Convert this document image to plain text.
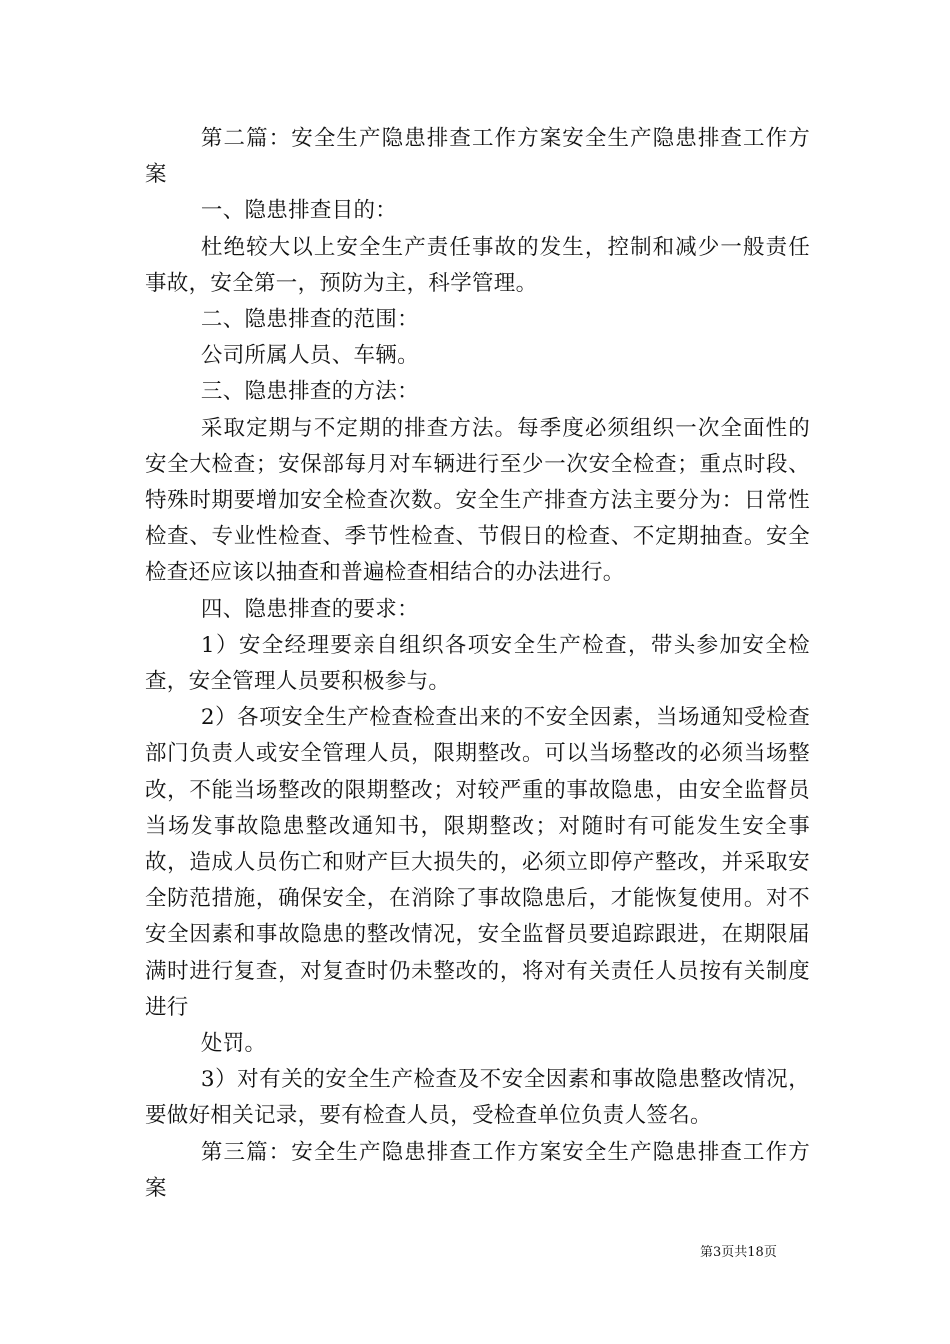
第二篇：安全生产隐患排查工作方案安全生产隐患排查工作方案

一、隐患排查目的：

杜绝较大以上安全生产责任事故的发生，控制和减少一般责任事故，安全第一，预防为主，科学管理。

二、隐患排查的范围：

公司所属人员、车辆。

三、隐患排查的方法：

采取定期与不定期的排查方法。每季度必须组织一次全面性的安全大检查；安保部每月对车辆进行至少一次安全检查；重点时段、特殊时期要增加安全检查次数。安全生产排查方法主要分为：日常性检查、专业性检查、季节性检查、节假日的检查、不定期抽查。安全检查还应该以抽查和普遍检查相结合的办法进行。

四、隐患排查的要求：

1）安全经理要亲自组织各项安全生产检查，带头参加安全检查，安全管理人员要积极参与。

2）各项安全生产检查检查出来的不安全因素，当场通知受检查部门负责人或安全管理人员，限期整改。可以当场整改的必须当场整改，不能当场整改的限期整改；对较严重的事故隐患，由安全监督员当场发事故隐患整改通知书，限期整改；对随时有可能发生安全事故，造成人员伤亡和财产巨大损失的，必须立即停产整改，并采取安全防范措施，确保安全，在消除了事故隐患后，才能恢复使用。对不安全因素和事故隐患的整改情况，安全监督员要追踪跟进，在期限届满时进行复查，对复查时仍未整改的，将对有关责任人员按有关制度进行

处罚。

3）对有关的安全生产检查及不安全因素和事故隐患整改情况，要做好相关记录，要有检查人员，受检查单位负责人签名。

第三篇：安全生产隐患排查工作方案安全生产隐患排查工作方案

第3页共18页
